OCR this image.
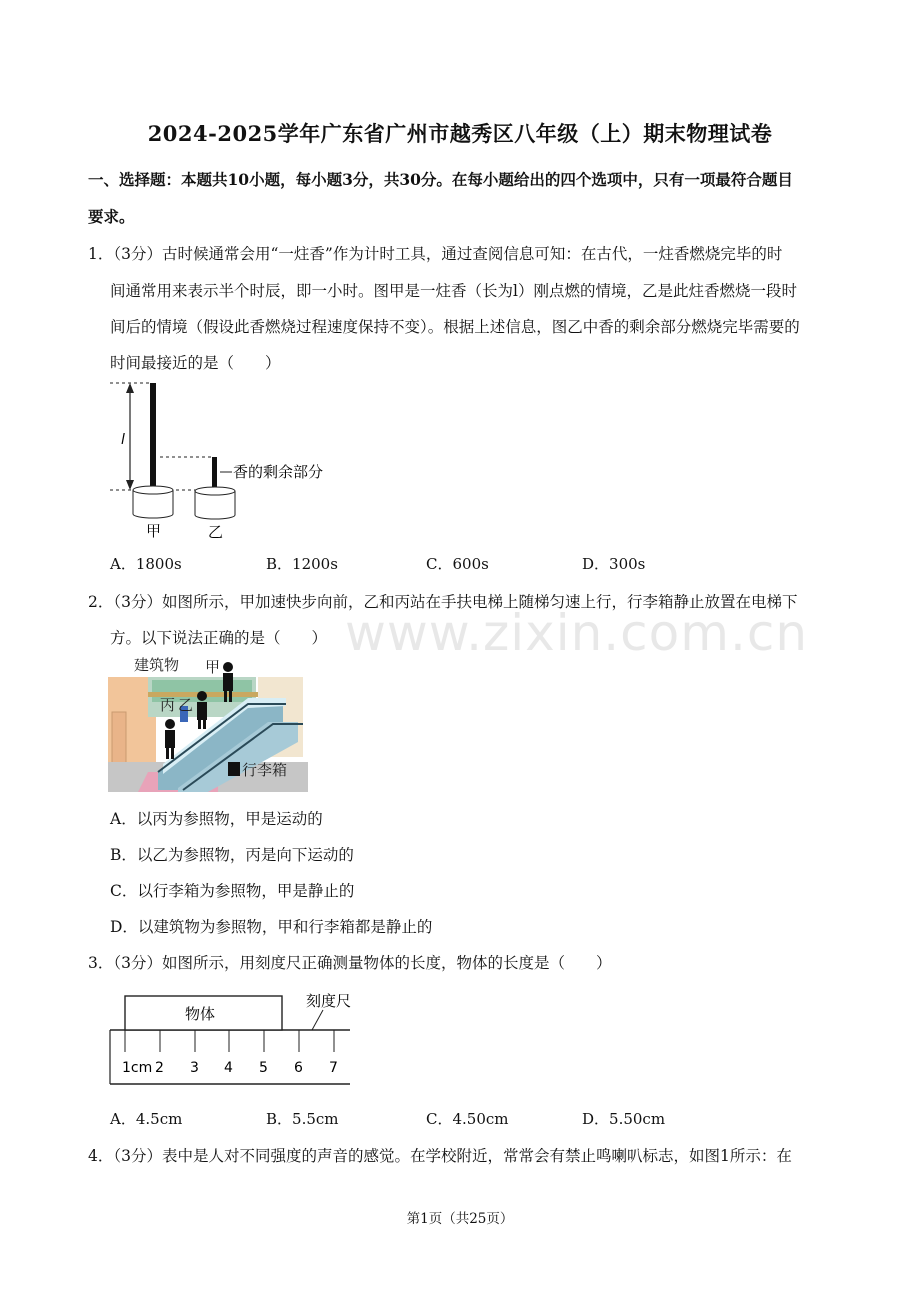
2024-2025学年广东省广州市越秀区八年级（上）期末物理试卷
一、选择题：本题共10小题，每小题3分，共30分。在每小题给出的四个选项中，只有一项最符合题目
要求。
1．（3分）古时候通常会用“一炷香”作为计时工具，通过查阅信息可知：在古代，一炷香燃烧完毕的时
间通常用来表示半个时辰，即一小时。图甲是一炷香（长为l）刚点燃的情境，乙是此炷香燃烧一段时
间后的情境（假设此香燃烧过程速度保持不变）。根据上述信息，图乙中香的剩余部分燃烧完毕需要的
时间最接近的是（　　）
l
香的剩余部分
甲	乙
A．1800s	B．1200s	C．600s	D．300s
2．（3分）如图所示，甲加速快步向前，乙和丙站在手扶电梯上随梯匀速上行，行李箱静止放置在电梯下
方。以下说法正确的是（　　）
建筑物 甲
丙 乙
行李箱
A．以丙为参照物，甲是运动的
B．以乙为参照物，丙是向下运动的
C．以行李箱为参照物，甲是静止的
D．以建筑物为参照物，甲和行李箱都是静止的
3．（3分）如图所示，用刻度尺正确测量物体的长度，物体的长度是（　　）
物体
刻度尺
1cm 2 3 4 5 6 7
A．4.5cm	B．5.5cm	C．4.50cm	D．5.50cm
4．（3分）表中是人对不同强度的声音的感觉。在学校附近，常常会有禁止鸣喇叭标志，如图1所示：在
www.zixin.com.cn
第1页（共25页）
